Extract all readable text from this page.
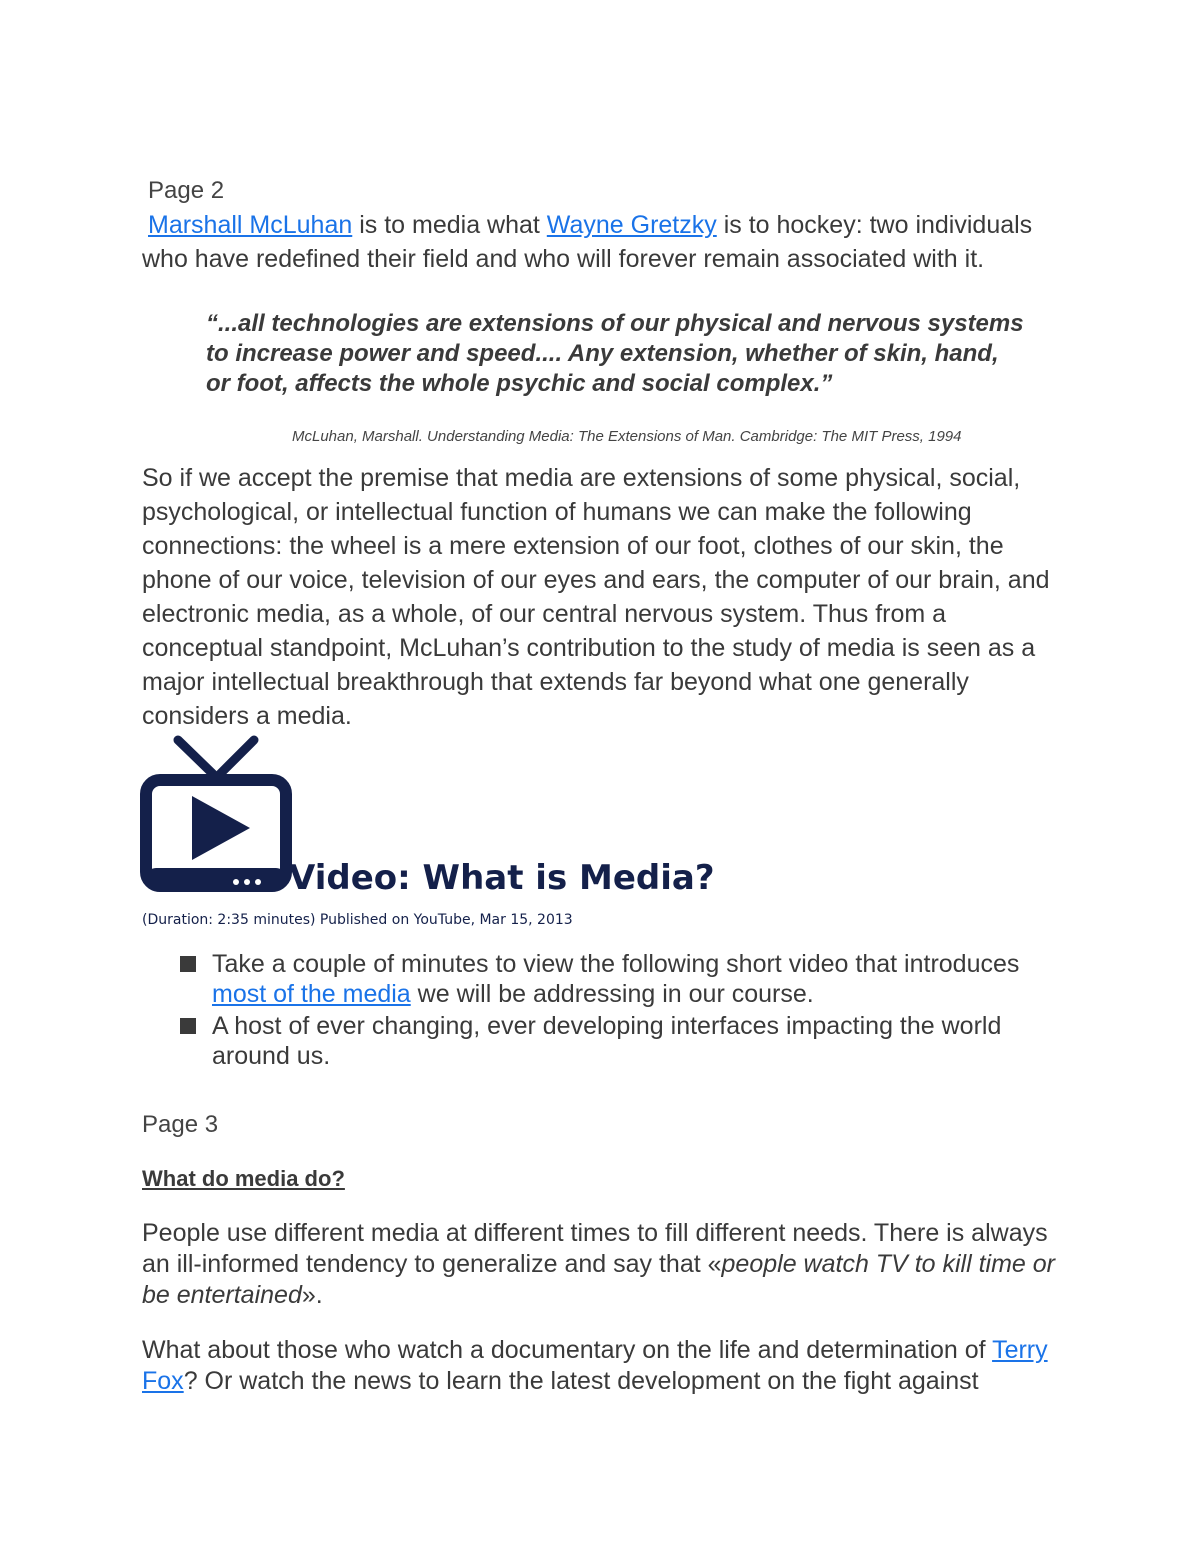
Page 2
Marshall McLuhan is to media what Wayne Gretzky is to hockey: two individuals who have redefined their field and who will forever remain associated with it.
“...all technologies are extensions of our physical and nervous systems
to increase power and speed.... Any extension, whether of skin, hand,
or foot, affects the whole psychic and social complex.”
McLuhan, Marshall. Understanding Media: The Extensions of Man. Cambridge: The MIT Press, 1994
So if we accept the premise that media are extensions of some physical, social, psychological, or intellectual function of humans we can make the following connections: the wheel is a mere extension of our foot, clothes of our skin, the phone of our voice, television of our eyes and ears, the computer of our brain, and electronic media, as a whole, of our central nervous system. Thus from a conceptual standpoint, McLuhan’s contribution to the study of media is seen as a major intellectual breakthrough that extends far beyond what one generally considers a media.
Video: What is Media?
(Duration: 2:35 minutes) Published on YouTube, Mar 15, 2013
Take a couple of minutes to view the following short video that introduces most of the media we will be addressing in our course.
A host of ever changing, ever developing interfaces impacting the world around us.
Page 3
What do media do?
People use different media at different times to fill different needs. There is always an ill-informed tendency to generalize and say that «people watch TV to kill time or be entertained».
What about those who watch a documentary on the life and determination of Terry Fox? Or watch the news to learn the latest development on the fight against
